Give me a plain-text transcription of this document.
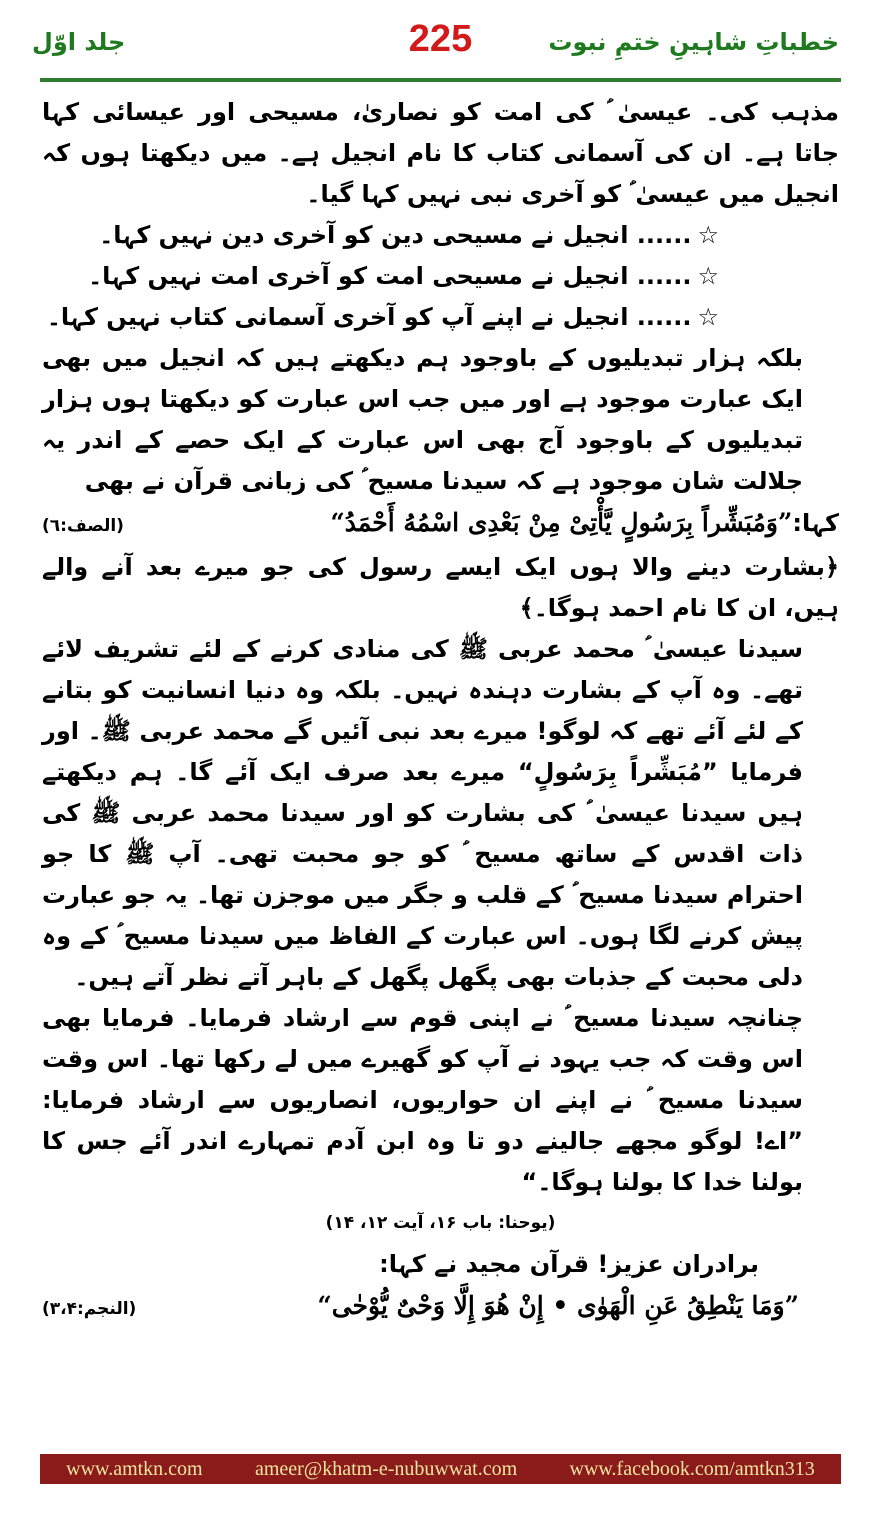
خطباتِ شاہینِ ختمِ نبوت
225
جلد اوّل

مذہب کی۔ عیسیٰ ؑ کی امت کو نصاریٰ، مسیحی اور عیسائی کہا جاتا ہے۔ ان کی آسمانی کتاب کا نام انجیل ہے۔ میں دیکھتا ہوں کہ انجیل میں عیسیٰ ؑ کو آخری نبی نہیں کہا گیا۔

☆...... انجیل نے مسیحی دین کو آخری دین نہیں کہا۔

☆...... انجیل نے مسیحی امت کو آخری امت نہیں کہا۔

☆...... انجیل نے اپنے آپ کو آخری آسمانی کتاب نہیں کہا۔

بلکہ ہزار تبدیلیوں کے باوجود ہم دیکھتے ہیں کہ انجیل میں بھی ایک عبارت موجود ہے اور میں جب اس عبارت کو دیکھتا ہوں ہزار تبدیلیوں کے باوجود آج بھی اس عبارت کے ایک حصے کے اندر یہ جلالت شان موجود ہے کہ سیدنا مسیح ؑ کی زبانی قرآن نے بھی

کہا:”وَمُبَشِّراً بِرَسُولٍ يَّأْتِیْ مِنْ بَعْدِی اسْمُهُ أَحْمَدُ“
(الصف:٦)

﴿بشارت دینے والا ہوں ایک ایسے رسول کی جو میرے بعد آنے والے ہیں، ان کا نام احمد ہوگا۔﴾

سیدنا عیسیٰ ؑ محمد عربی ﷺ کی منادی کرنے کے لئے تشریف لائے تھے۔ وہ آپ کے بشارت دہندہ نہیں۔ بلکہ وہ دنیا انسانیت کو بتانے کے لئے آئے تھے کہ لوگو! میرے بعد نبی آئیں گے محمد عربی ﷺ۔ اور فرمایا ”مُبَشِّراً بِرَسُولٍ“ میرے بعد صرف ایک آئے گا۔ ہم دیکھتے ہیں سیدنا عیسیٰ ؑ کی بشارت کو اور سیدنا محمد عربی ﷺ کی ذات اقدس کے ساتھ مسیح ؑ کو جو محبت تھی۔ آپ ﷺ کا جو احترام سیدنا مسیح ؑ کے قلب و جگر میں موجزن تھا۔ یہ جو عبارت پیش کرنے لگا ہوں۔ اس عبارت کے الفاظ میں سیدنا مسیح ؑ کے وہ دلی محبت کے جذبات بھی پگھل پگھل کے باہر آتے نظر آتے ہیں۔

چنانچہ سیدنا مسیح ؑ نے اپنی قوم سے ارشاد فرمایا۔ فرمایا بھی اس وقت کہ جب یہود نے آپ کو گھیرے میں لے رکھا تھا۔ اس وقت سیدنا مسیح ؑ نے اپنے ان حواریوں، انصاریوں سے ارشاد فرمایا: ”اے! لوگو مجھے جالینے دو تا وہ ابن آدم تمہارے اندر آئے جس کا بولنا خدا کا بولنا ہوگا۔“

(یوحنا: باب ۱۶، آیت ۱۲، ۱۴)

برادران عزیز! قرآن مجید نے کہا:

”وَمَا يَنْطِقُ عَنِ الْهَوٰى • إِنْ هُوَ إِلَّا وَحْیٌ يُّوْحٰی“
(النجم:۳،۴)
www.amtkn.com	ameer@khatm-e-nubuwwat.com	www.facebook.com/amtkn313
